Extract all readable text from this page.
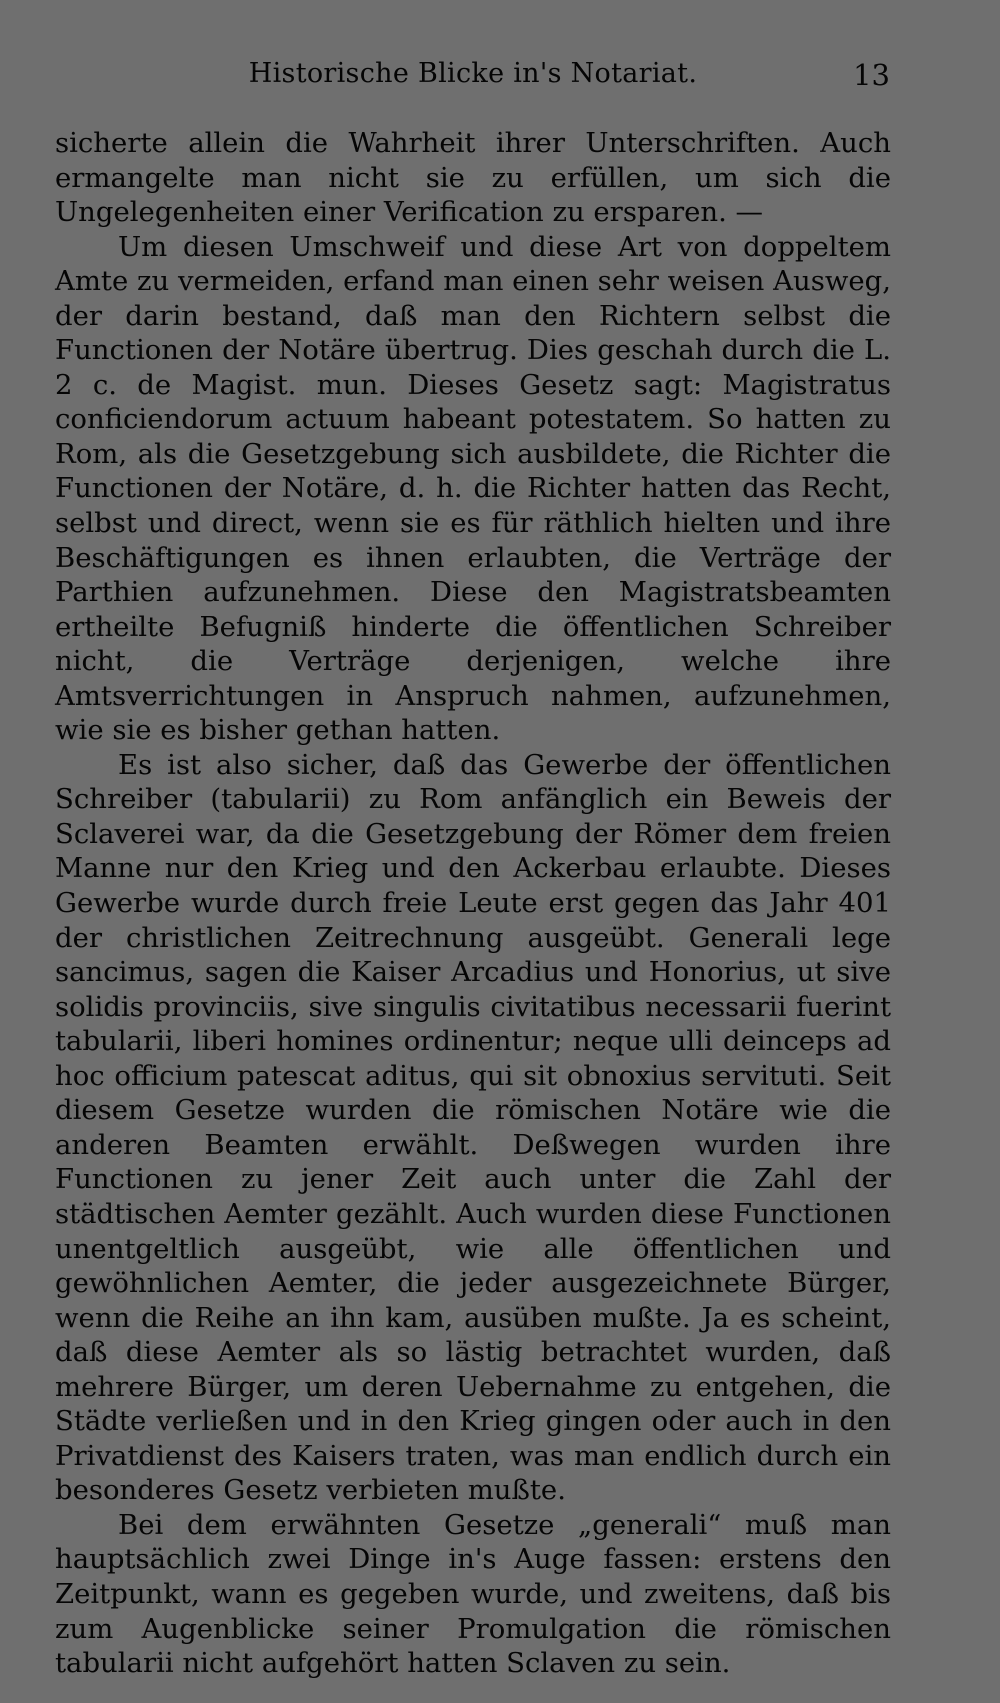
Historische Blicke in's Notariat.	13

sicherte allein die Wahrheit ihrer Unterschriften. Auch ermangelte man nicht sie zu erfüllen, um sich die Ungelegenheiten einer Verification zu ersparen. —

Um diesen Umschweif und diese Art von doppeltem Amte zu vermeiden, erfand man einen sehr weisen Ausweg, der darin bestand, daß man den Richtern selbst die Functionen der Notäre übertrug. Dies geschah durch die L. 2 c. de Magist. mun. Dieses Gesetz sagt: Magistratus conficiendorum actuum habeant potestatem. So hatten zu Rom, als die Gesetzgebung sich ausbildete, die Richter die Functionen der Notäre, d. h. die Richter hatten das Recht, selbst und direct, wenn sie es für räthlich hielten und ihre Beschäftigungen es ihnen erlaubten, die Verträge der Parthien aufzunehmen. Diese den Magistratsbeamten ertheilte Befugniß hinderte die öffentlichen Schreiber nicht, die Verträge derjenigen, welche ihre Amtsverrichtungen in Anspruch nahmen, aufzunehmen, wie sie es bisher gethan hatten.

Es ist also sicher, daß das Gewerbe der öffentlichen Schreiber (tabularii) zu Rom anfänglich ein Beweis der Sclaverei war, da die Gesetzgebung der Römer dem freien Manne nur den Krieg und den Ackerbau erlaubte. Dieses Gewerbe wurde durch freie Leute erst gegen das Jahr 401 der christlichen Zeitrechnung ausgeübt. Generali lege sancimus, sagen die Kaiser Arcadius und Honorius, ut sive solidis provinciis, sive singulis civitatibus necessarii fuerint tabularii, liberi homines ordinentur; neque ulli deinceps ad hoc officium patescat aditus, qui sit obnoxius servituti. Seit diesem Gesetze wurden die römischen Notäre wie die anderen Beamten erwählt. Deßwegen wurden ihre Functionen zu jener Zeit auch unter die Zahl der städtischen Aemter gezählt. Auch wurden diese Functionen unentgeltlich ausgeübt, wie alle öffentlichen und gewöhnlichen Aemter, die jeder ausgezeichnete Bürger, wenn die Reihe an ihn kam, ausüben mußte. Ja es scheint, daß diese Aemter als so lästig betrachtet wurden, daß mehrere Bürger, um deren Uebernahme zu entgehen, die Städte verließen und in den Krieg gingen oder auch in den Privatdienst des Kaisers traten, was man endlich durch ein besonderes Gesetz verbieten mußte.

Bei dem erwähnten Gesetze „generali“ muß man hauptsächlich zwei Dinge in's Auge fassen: erstens den Zeitpunkt, wann es gegeben wurde, und zweitens, daß bis zum Augenblicke seiner Promulgation die römischen tabularii nicht aufgehört hatten Sclaven zu sein.
